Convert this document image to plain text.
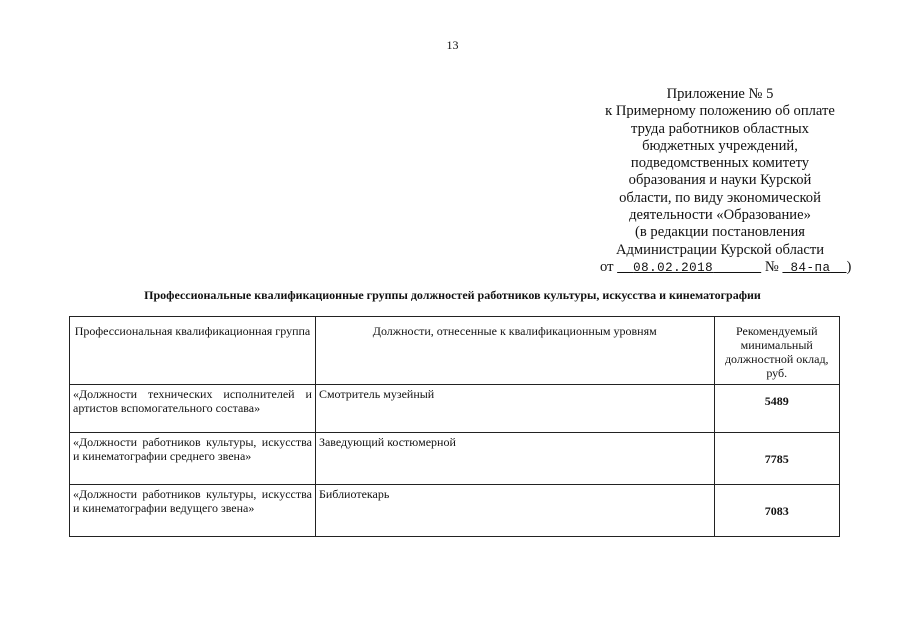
13
Приложение № 5
к Примерному положению об оплате
труда работников областных
бюджетных учреждений,
подведомственных комитету
образования и науки Курской
области, по виду экономической
деятельности «Образование»
(в редакции постановления
Администрации Курской области
от 08.02.2018	№ 84-па )
Профессиональные квалификационные группы должностей работников культуры, искусства и кинематографии
Профессиональная квалификационная группа	Должности, отнесенные к квалификационным уровням	Рекомендуемый минимальный должностной оклад, руб.
«Должности технических исполнителей и артистов вспомогательного состава»	Смотритель музейный	5489
«Должности работников культуры, искусства и кинематографии среднего звена»	Заведующий костюмерной	7785
«Должности работников культуры, искусства и кинематографии ведущего звена»	Библиотекарь	7083
